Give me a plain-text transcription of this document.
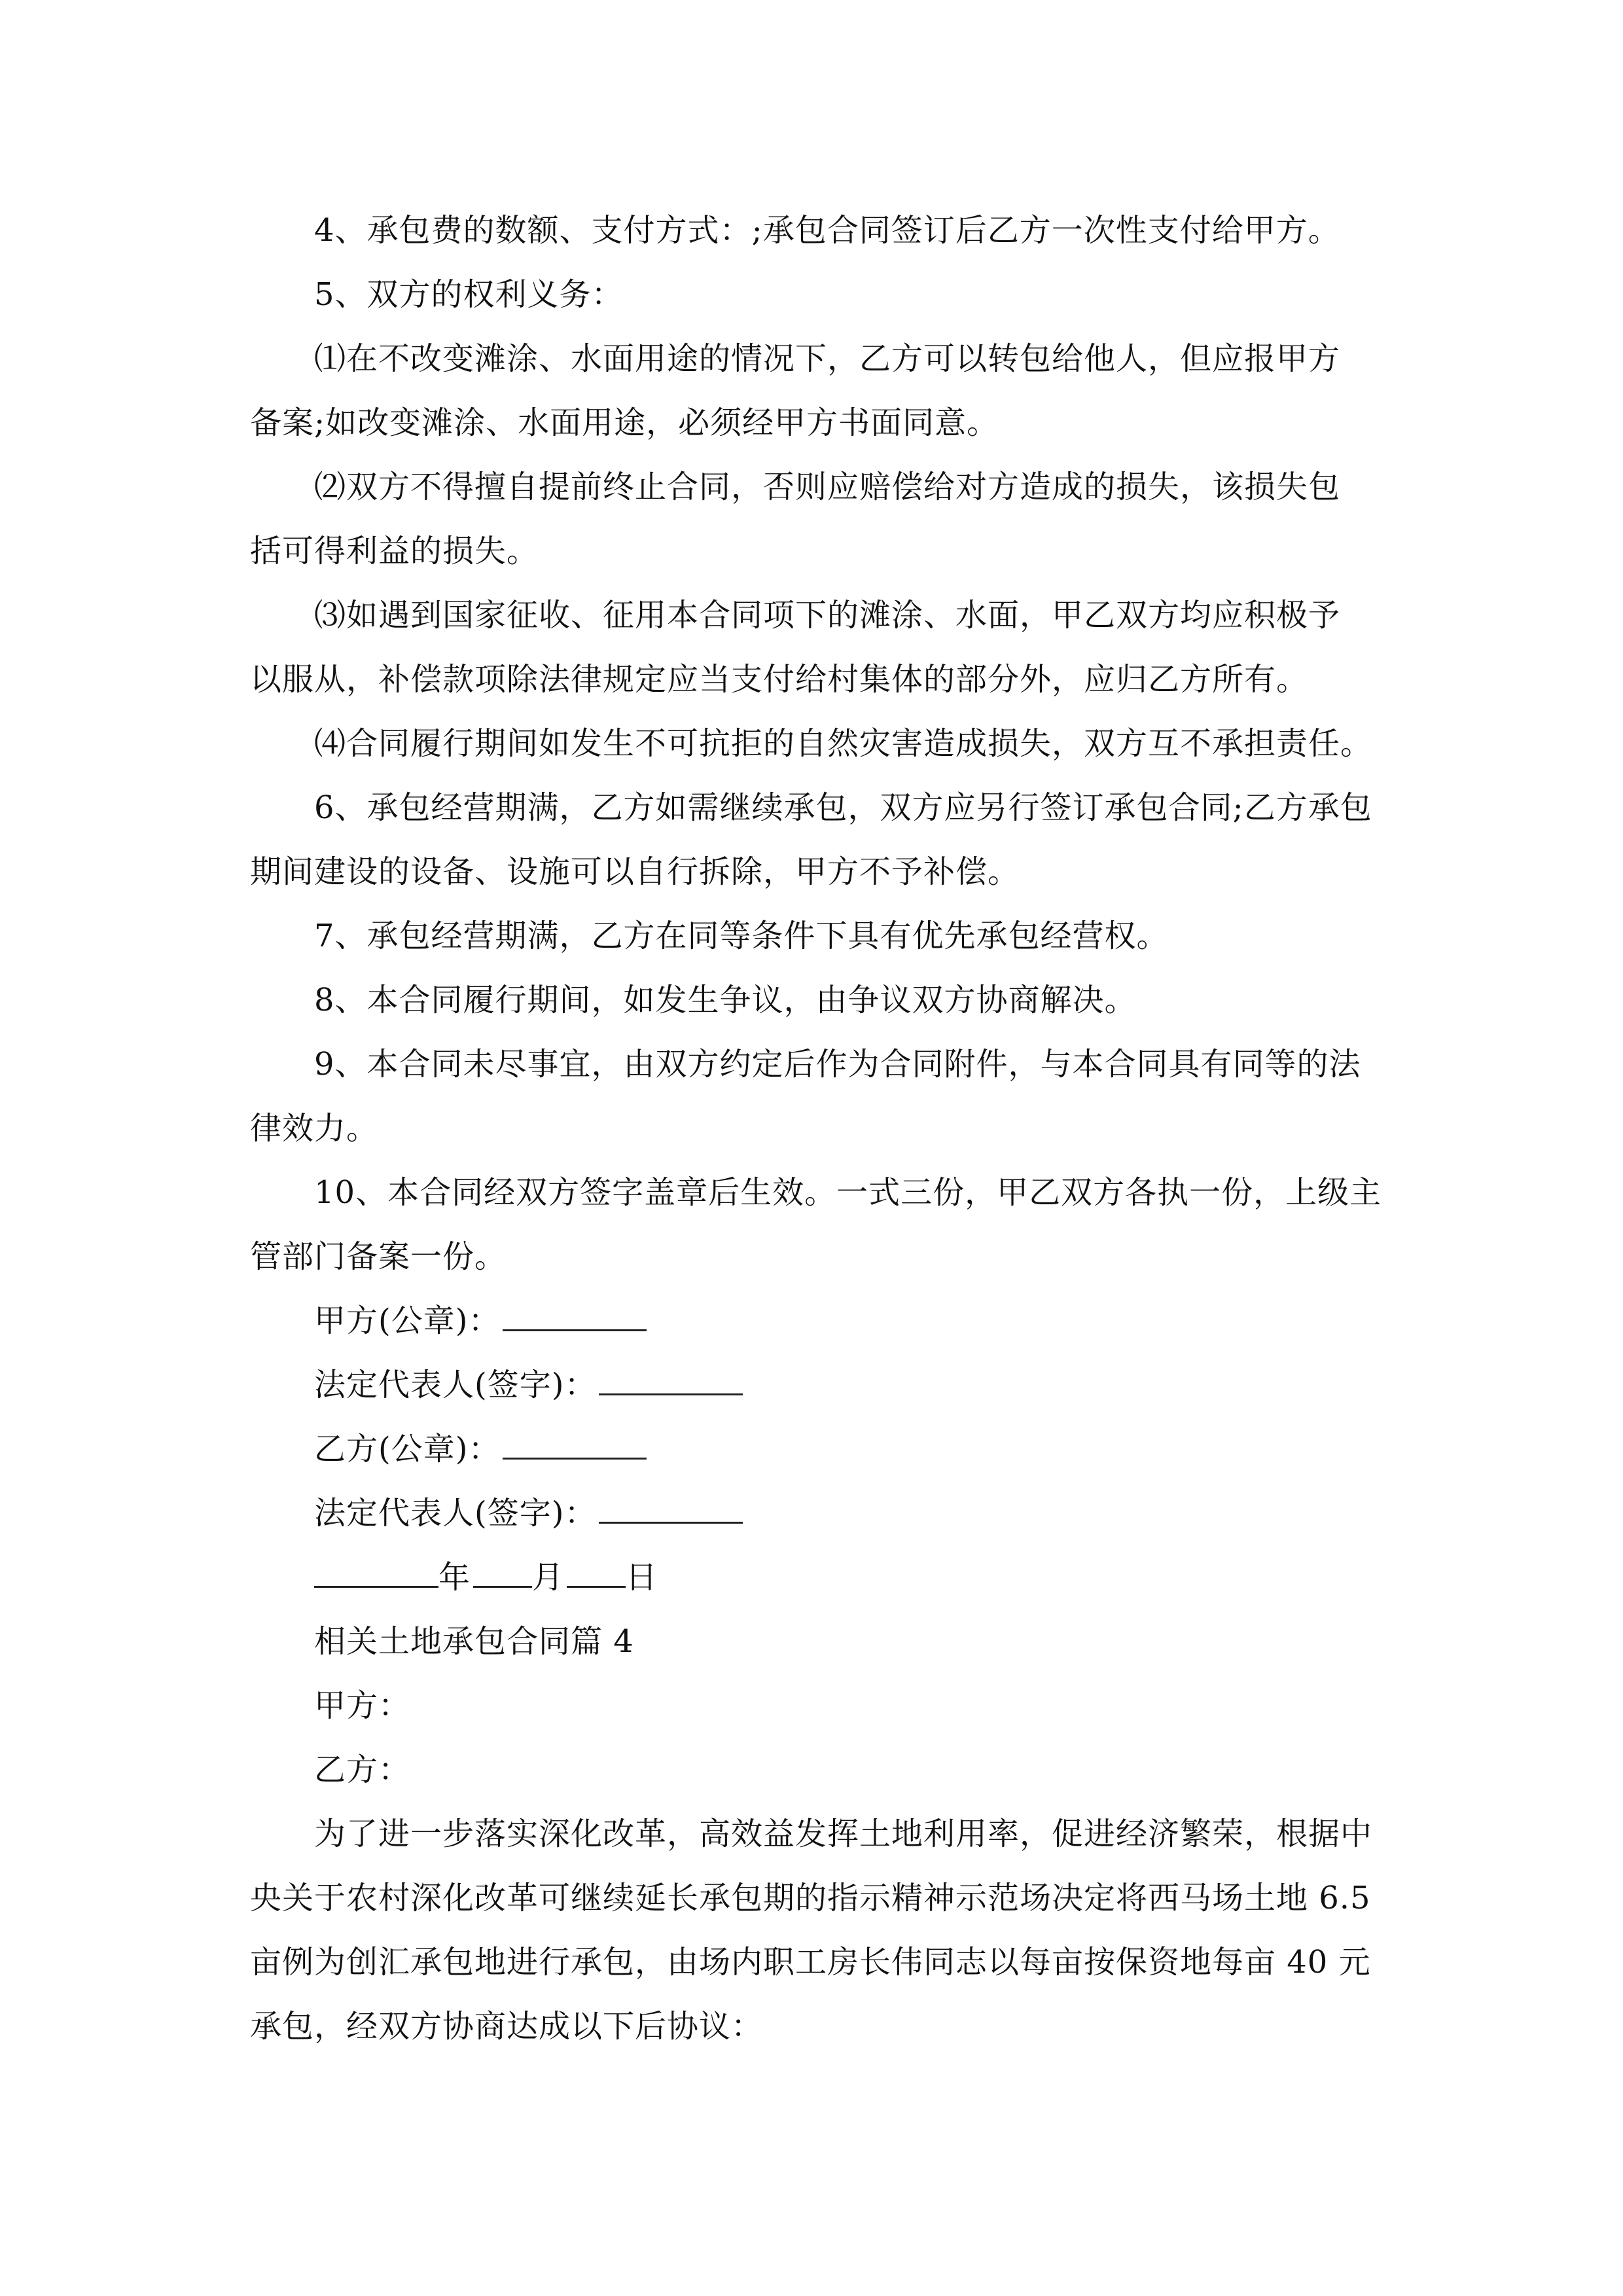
4、承包费的数额、支付方式：;承包合同签订后乙方一次性支付给甲方。
5、双方的权利义务：
⑴在不改变滩涂、水面用途的情况下，乙方可以转包给他人，但应报甲方
备案;如改变滩涂、水面用途，必须经甲方书面同意。
⑵双方不得擅自提前终止合同，否则应赔偿给对方造成的损失，该损失包
括可得利益的损失。
⑶如遇到国家征收、征用本合同项下的滩涂、水面，甲乙双方均应积极予
以服从，补偿款项除法律规定应当支付给村集体的部分外，应归乙方所有。
⑷合同履行期间如发生不可抗拒的自然灾害造成损失，双方互不承担责任。
6、承包经营期满，乙方如需继续承包，双方应另行签订承包合同;乙方承包
期间建设的设备、设施可以自行拆除，甲方不予补偿。
7、承包经营期满，乙方在同等条件下具有优先承包经营权。
8、本合同履行期间，如发生争议，由争议双方协商解决。
9、本合同未尽事宜，由双方约定后作为合同附件，与本合同具有同等的法
律效力。
10、本合同经双方签字盖章后生效。一式三份，甲乙双方各执一份，上级主
管部门备案一份。
甲方(公章)：
法定代表人(签字)：
乙方(公章)：
法定代表人(签字)：
年 月 日
相关土地承包合同篇 4
甲方：
乙方：
为了进一步落实深化改革，高效益发挥土地利用率，促进经济繁荣，根据中
央关于农村深化改革可继续延长承包期的指示精神示范场决定将西马场土地 6.5
亩例为创汇承包地进行承包，由场内职工房长伟同志以每亩按保资地每亩 40 元
承包，经双方协商达成以下后协议：
